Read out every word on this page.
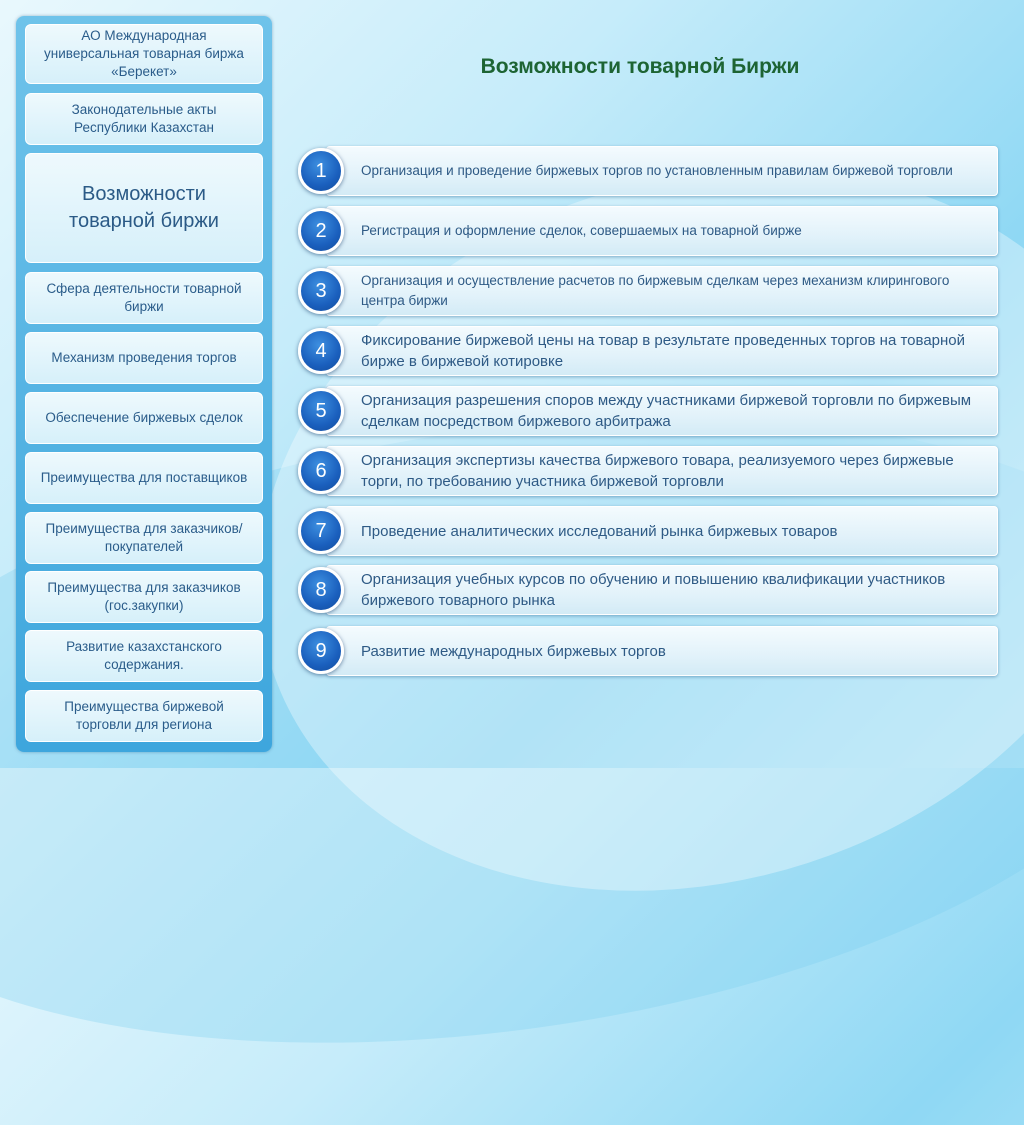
АО Международная универсальная товарная биржа «Берекет»
Законодательные акты Республики Казахстан
Возможности товарной биржи
Сфера деятельности товарной биржи
Механизм проведения торгов
Обеспечение биржевых сделок
Преимущества для поставщиков
Преимущества для заказчиков/покупателей
Преимущества для заказчиков (гос.закупки)
Развитие казахстанского содержания.
Преимущества биржевой торговли для региона
Возможности товарной Биржи
Организация и проведение биржевых торгов по установленным правилам биржевой торговли
1
Регистрация и оформление сделок, совершаемых на товарной бирже
2
Организация и осуществление расчетов по биржевым сделкам через механизм клирингового центра биржи
3
Фиксирование биржевой цены на товар в результате проведенных торгов на товарной бирже в биржевой котировке
4
Организация разрешения споров между участниками биржевой торговли по биржевым сделкам посредством биржевого арбитража
5
Организация экспертизы качества биржевого товара, реализуемого через биржевые торги, по требованию участника биржевой торговли
6
Проведение аналитических исследований рынка биржевых товаров
7
Организация учебных курсов по обучению и повышению квалификации участников биржевого товарного рынка
8
Развитие международных биржевых торгов
9
